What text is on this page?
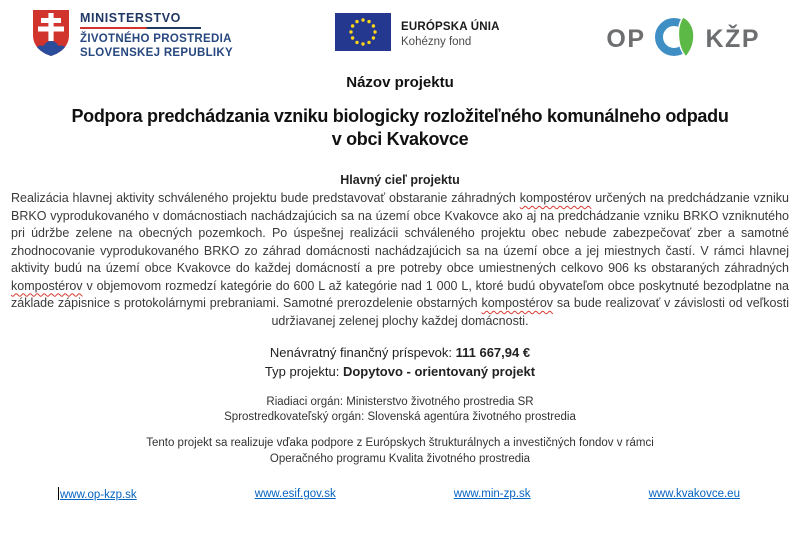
MINISTERSTVO
ŽIVOTNÉHO PROSTREDIA
SLOVENSKEJ REPUBLIKY
EURÓPSKA ÚNIA
Kohézny fond	OP KŽP
Názov projektu
Podpora predchádzania vzniku biologicky rozložiteľného komunálneho odpadu
v obci Kvakovce
Hlavný cieľ projektu

Realizácia hlavnej aktivity schváleného projektu bude predstavovať obstaranie záhradných kompostérov určených na predchádzanie vzniku BRKO vyprodukovaného v domácnostiach nachádzajúcich sa na území obce Kvakovce ako aj na predchádzanie vzniku BRKO vzniknutého pri údržbe zelene na obecných pozemkoch. Po úspešnej realizácii schváleného projektu obec nebude zabezpečovať zber a samotné zhodnocovanie vyprodukovaného BRKO zo záhrad domácnosti nachádzajúcich sa na území obce a jej miestnych častí. V rámci hlavnej aktivity budú na území obce Kvakovce do každej domácností a pre potreby obce umiestnených celkovo 906 ks obstaraných záhradných kompostérov v objemovom rozmedzí kategórie do 600 L až kategórie nad 1 000 L, ktoré budú obyvateľom obce poskytnuté bezodplatne na základe zápisnice s protokolárnymi prebraniami. Samotné prerozdelenie obstarných kompostérov sa bude realizovať v závislosti od veľkosti udržiavanej zelenej plochy každej domácnosti.

Nenávratný finančný príspevok: 111 667,94 €
Typ projektu: Dopytovo - orientovaný projekt
Riadiaci orgán: Ministerstvo životného prostredia SR
Sprostredkovateľský orgán: Slovenská agentúra životného prostredia
Tento projekt sa realizuje vďaka podpore z Európskych štrukturálnych a investičných fondov v rámci
Operačného programu Kvalita životného prostredia
www.op-kzp.sk	www.esif.gov.sk	www.min-zp.sk	www.kvakovce.eu
